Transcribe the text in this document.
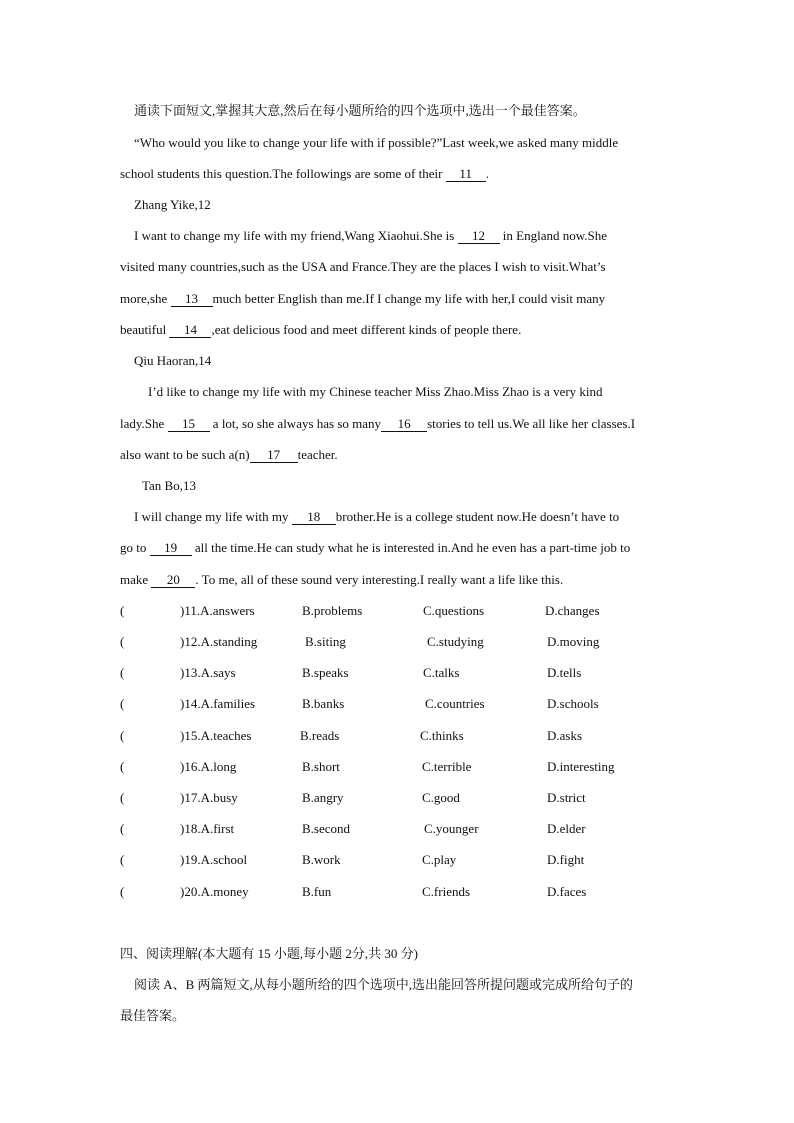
通读下面短文,掌握其大意,然后在每小题所给的四个选项中,选出一个最佳答案。
“Who would you like to change your life with if possible?”Last week,we asked many middle
school students this question.The followings are some of their 11 .
Zhang Yike,12
I want to change my life with my friend,Wang Xiaohui.She is 12 in England now.She
visited many countries,such as the USA and France.They are the places I wish to visit.What’s
more,she 13 much better English than me.If I change my life with her,I could visit many
beautiful 14 ,eat delicious food and meet different kinds of people there.
Qiu Haoran,14
I’d like to change my life with my Chinese teacher Miss Zhao.Miss Zhao is a very kind
lady.She 15 a lot, so she always has so many 16 stories to tell us.We all like her classes.I
also want to be such a(n) 17 teacher.
Tan Bo,13
I will change my life with my 18 brother.He is a college student now.He doesn’t have to
go to 19 all the time.He can study what he is interested in.And he even has a part-time job to
make 20 . To me, all of these sound very interesting.I really want a life like this.
(	)11.A.answers	B.problems	C.questions	D.changes
(	)12.A.standing	B.siting	C.studying	D.moving
(	)13.A.says	B.speaks	C.talks	D.tells
(	)14.A.families	B.banks	C.countries	D.schools
(	)15.A.teaches	B.reads	C.thinks	D.asks
(	)16.A.long	B.short	C.terrible	D.interesting
(	)17.A.busy	B.angry	C.good	D.strict
(	)18.A.first	B.second	C.younger	D.elder
(	)19.A.school	B.work	C.play	D.fight
(	)20.A.money	B.fun	C.friends	D.faces
四、阅读理解(本大题有 15 小题,每小题 2分,共 30 分)
阅读 A、B 两篇短文,从每小题所给的四个选项中,选出能回答所提问题或完成所给句子的
最佳答案。
